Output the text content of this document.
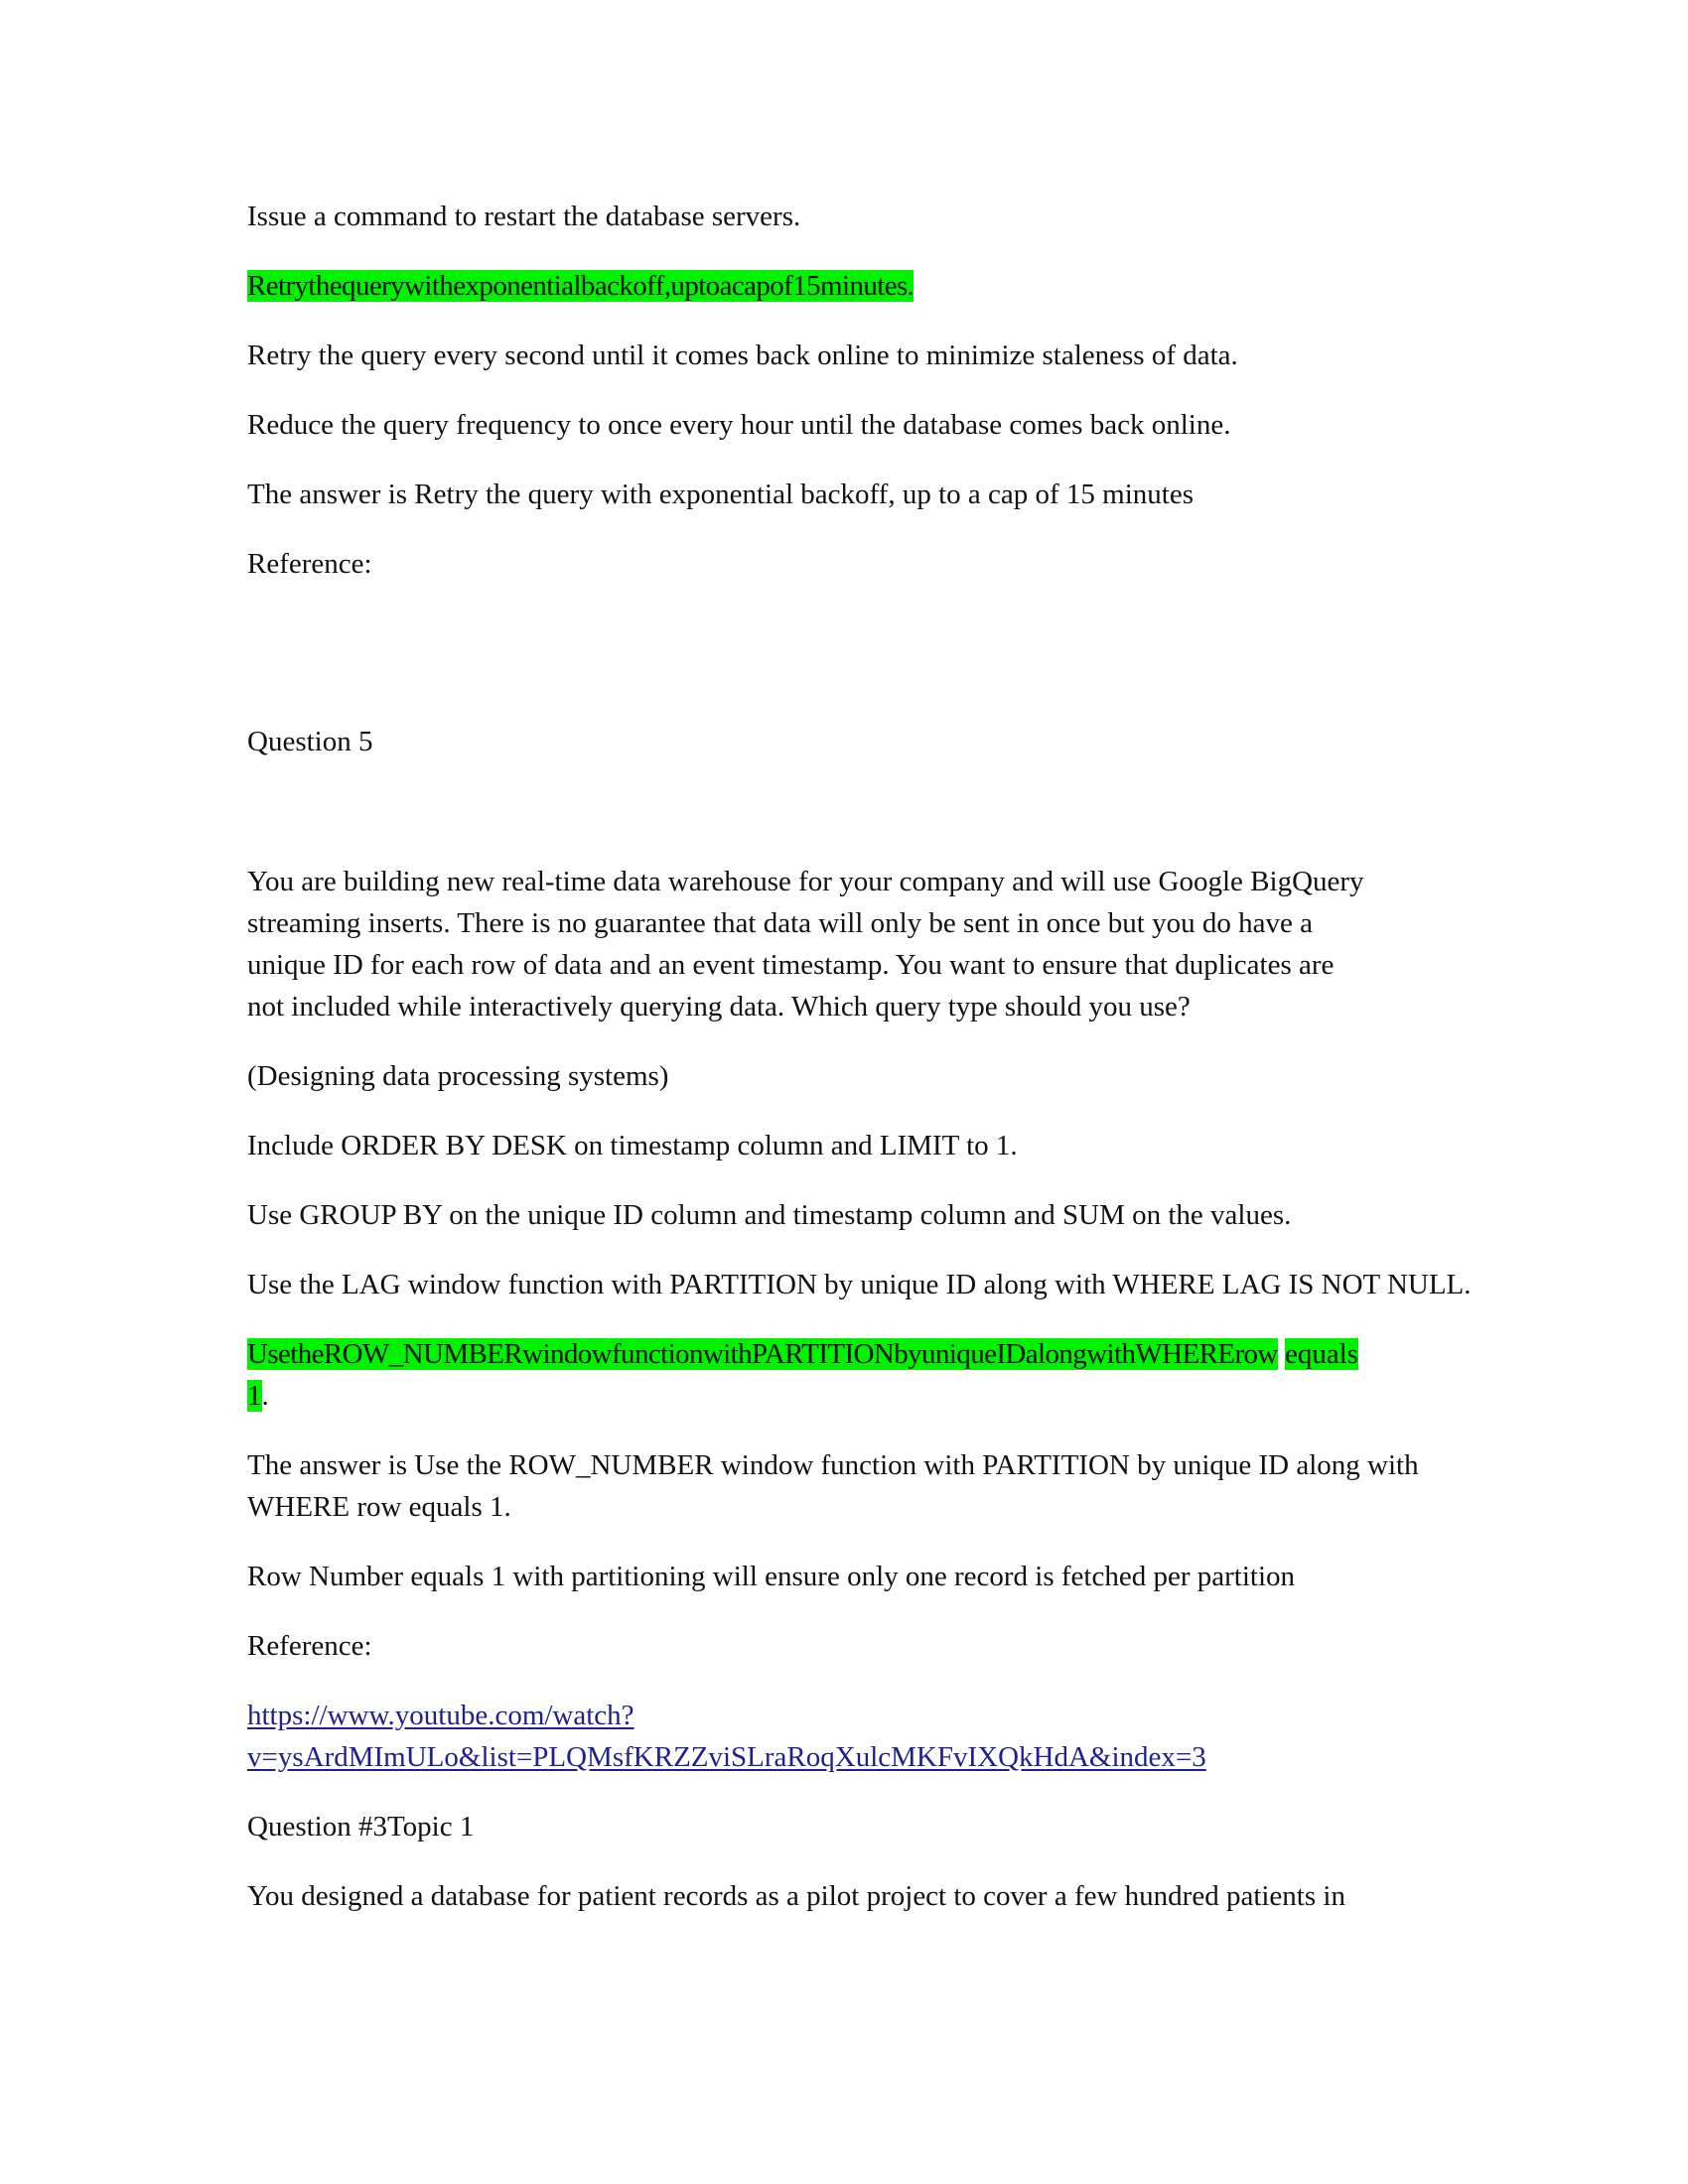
Issue a command to restart the database servers.
Retrythequerywithexponentialbackoff,uptoacapof15minutes.
Retry the query every second until it comes back online to minimize staleness of data.
Reduce the query frequency to once every hour until the database comes back online.
The answer is Retry the query with exponential backoff, up to a cap of 15 minutes
Reference:
Question 5
You are building new real-time data warehouse for your company and will use Google BigQuery
streaming inserts. There is no guarantee that data will only be sent in once but you do have a
unique ID for each row of data and an event timestamp. You want to ensure that duplicates are
not included while interactively querying data. Which query type should you use?
(Designing data processing systems)
Include ORDER BY DESK on timestamp column and LIMIT to 1.
Use GROUP BY on the unique ID column and timestamp column and SUM on the values.
Use the LAG window function with PARTITION by unique ID along with WHERE LAG IS NOT NULL.
UsetheROW_NUMBERwindowfunctionwithPARTITIONbyuniqueIDalongwithWHERErow equals
1.
The answer is Use the ROW_NUMBER window function with PARTITION by unique ID along with
WHERE row equals 1.
Row Number equals 1 with partitioning will ensure only one record is fetched per partition
Reference:
https://www.youtube.com/watch?
v=ysArdMImULo&list=PLQMsfKRZZviSLraRoqXulcMKFvIXQkHdA&index=3
Question #3Topic 1
You designed a database for patient records as a pilot project to cover a few hundred patients in
